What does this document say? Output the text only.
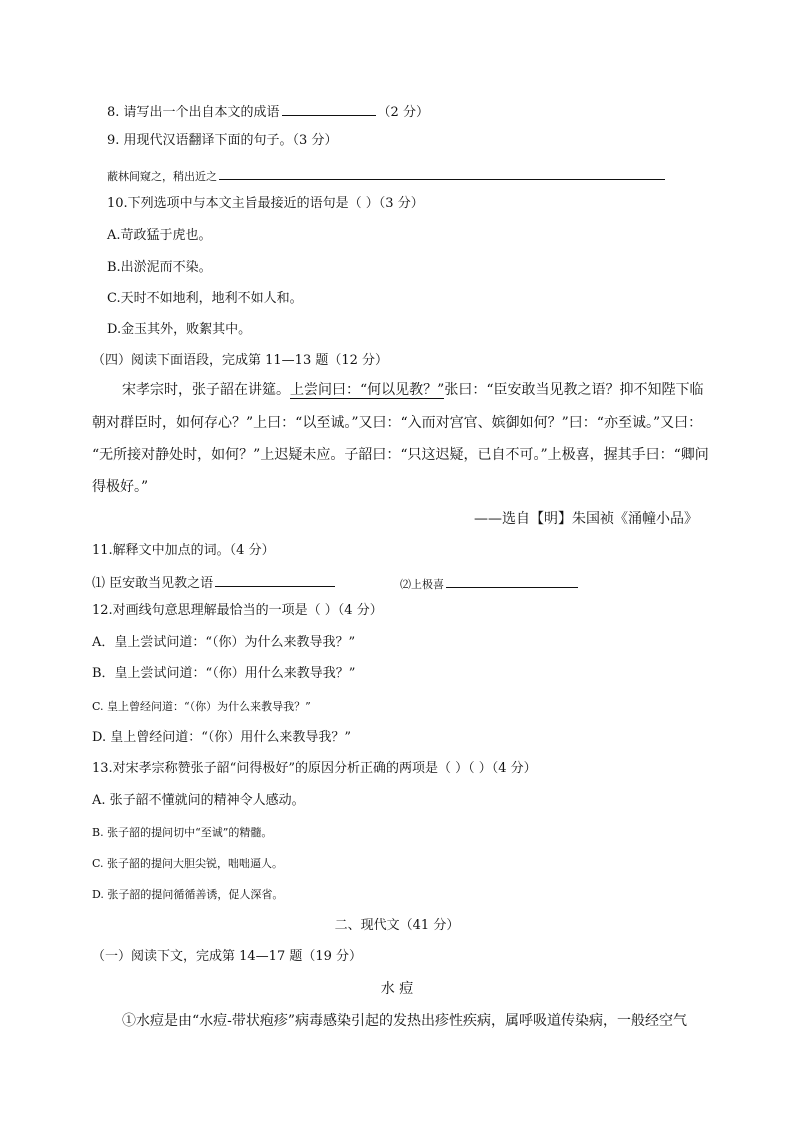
8. 请写出一个出自本文的成语	（2 分）
9. 用现代汉语翻译下面的句子。（3 分）
蔽林间窥之，稍出近之
10.下列选项中与本文主旨最接近的语句是（ ）（3 分）
A.苛政猛于虎也。
B.出淤泥而不染。
C.天时不如地利，地利不如人和。
D.金玉其外，败絮其中。
（四）阅读下面语段，完成第 11—13 题（12 分）
宋孝宗时，张子韶在讲筵。上尝问曰：“何以见教？”张曰：“臣安敢当见教之语？抑不知陛下临
朝对群臣时，如何存心？”上曰：“以至诚。”又曰：“入而对宫官、嫔御如何？”曰：“亦至诚。”又曰：
“无所接对静处时，如何？”上迟疑未应。子韶曰：“只这迟疑，已自不可。”上极喜，握其手曰：“卿问
得极好。”
——选自【明】朱国祯《涌幢小品》
11.解释文中加点的词。（4 分）
⑴ 臣安敢当见教之语	⑵上极喜
12.对画线句意思理解最恰当的一项是（ ）（4 分）
A．皇上尝试问道：“（你）为什么来教导我？”
B．皇上尝试问道：“（你）用什么来教导我？”
C. 皇上曾经问道：“（你）为什么来教导我？”
D. 皇上曾经问道：“（你）用什么来教导我？”
13.对宋孝宗称赞张子韶“问得极好”的原因分析正确的两项是（ ）（ ）（4 分）
A. 张子韶不懂就问的精神令人感动。
B. 张子韶的提问切中“至诚”的精髓。
C. 张子韶的提问大胆尖锐，咄咄逼人。
D. 张子韶的提问循循善诱，促人深省。
二、现代文（41 分）
（一）阅读下文，完成第 14—17 题（19 分）
水 痘
①水痘是由“水痘-带状疱疹”病毒感染引起的发热出疹性疾病，属呼吸道传染病，一般经空气
